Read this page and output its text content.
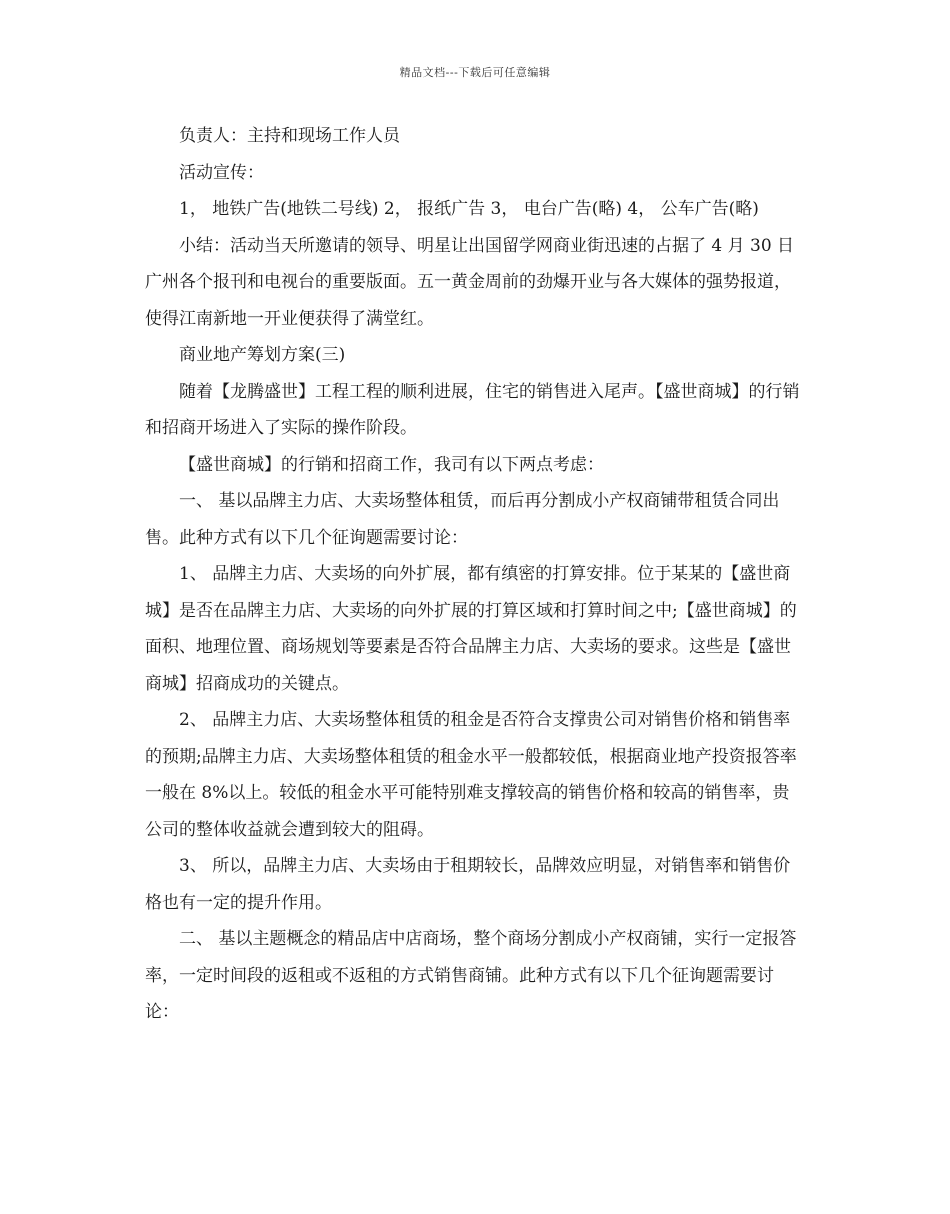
精品文档---下载后可任意编辑

负责人：主持和现场工作人员

活动宣传：

1， 地铁广告(地铁二号线) 2， 报纸广告 3， 电台广告(略) 4， 公车广告(略)

小结：活动当天所邀请的领导、明星让出国留学网商业街迅速的占据了 4 月 30 日广州各个报刊和电视台的重要版面。五一黄金周前的劲爆开业与各大媒体的强势报道，使得江南新地一开业便获得了满堂红。

商业地产筹划方案(三)

随着【龙腾盛世】工程工程的顺利进展，住宅的销售进入尾声。【盛世商城】的行销和招商开场进入了实际的操作阶段。

【盛世商城】的行销和招商工作，我司有以下两点考虑：

一、 基以品牌主力店、大卖场整体租赁，而后再分割成小产权商铺带租赁合同出售。此种方式有以下几个征询题需要讨论：

1、 品牌主力店、大卖场的向外扩展，都有缜密的打算安排。位于某某的【盛世商城】是否在品牌主力店、大卖场的向外扩展的打算区域和打算时间之中;【盛世商城】的面积、地理位置、商场规划等要素是否符合品牌主力店、大卖场的要求。这些是【盛世商城】招商成功的关键点。

2、 品牌主力店、大卖场整体租赁的租金是否符合支撑贵公司对销售价格和销售率的预期;品牌主力店、大卖场整体租赁的租金水平一般都较低，根据商业地产投资报答率一般在 8%以上。较低的租金水平可能特别难支撑较高的销售价格和较高的销售率，贵公司的整体收益就会遭到较大的阻碍。

3、 所以，品牌主力店、大卖场由于租期较长，品牌效应明显，对销售率和销售价格也有一定的提升作用。

二、 基以主题概念的精品店中店商场，整个商场分割成小产权商铺，实行一定报答率，一定时间段的返租或不返租的方式销售商铺。此种方式有以下几个征询题需要讨论：
